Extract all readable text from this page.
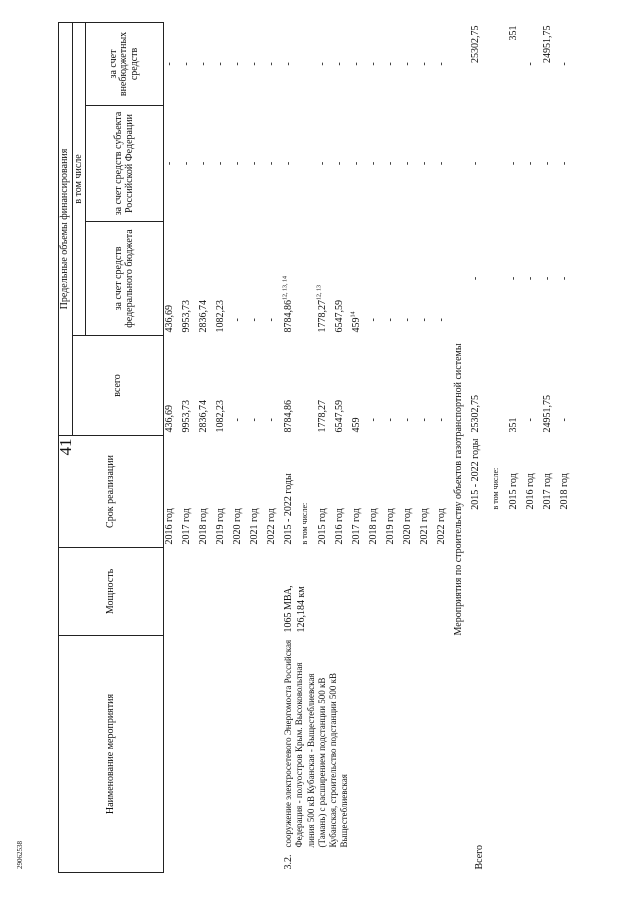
41
29062538
Наименование мероприятия		Мощность	Срок реализации	Предельные объемы финансирования			
				всего	в том числе		
					за счет средств федерального бюджета	за счет средств субъекта Российской Федерации	за счет внебюджетных средств
			2016 год	436,69	436,69	-	-
			2017 год	9953,73	9953,73	-	-
			2018 год	2836,74	2836,74	-	-
			2019 год	1082,23	1082,23	-	-
			2020 год	-	-	-	-
			2021 год	-	-	-	-
			2022 год	-	-	-	-
3.2.	сооружение электросетевого Энергомоста Российская Федерация - полуостров Крым. Высоковольтная линия 500 кВ Кубанская - Выщестеблиевская (Тамань) с расширением подстанции 500 кВ Кубанская, строительство подстанции 500 кВ Выщестеблиевская	1065 МВА, 126,184 км	2015 - 2022 годы	8784,86	8784,86$^{12, 13, 14}$	-	-
			в том числе:				
			2015 год	1778,27	1778,27$^{12, 13}$	-	-
			2016 год	6547,59	6547,59	-	-
			2017 год	459	$459^{14}$	-	-
			2018 год	-	-	-	-
			2019 год	-	-	-	-
			2020 год	-	-	-	-
			2021 год	-	-	-	-
			2022 год	-	-	-	-
		Мероприятия по строительству объектов газотранспортной системы					
Всего			2015 - 2022 годы	25302,75	-	-	25302,75
			в том числе:				
			2015 год	351	-	-	351
			2016 год	-	-	-	-
			2017 год	24951,75	-	-	24951,75
			2018 год	-	-	-	-
